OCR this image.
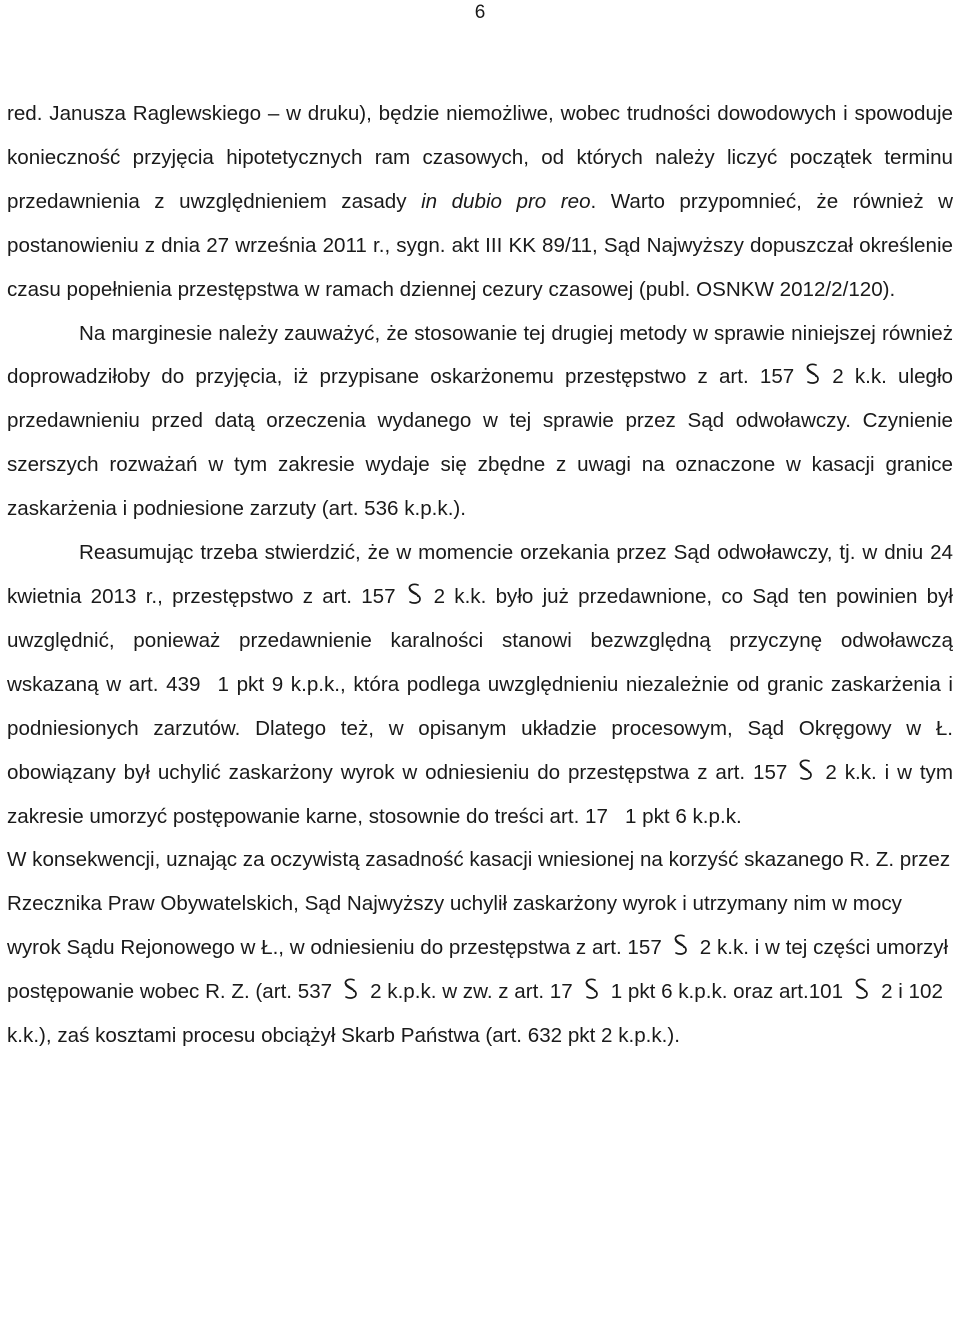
6

red. Janusza Raglewskiego – w druku), będzie niemożliwe, wobec trudności dowodowych i spowoduje konieczność przyjęcia hipotetycznych ram czasowych, od których należy liczyć początek terminu przedawnienia z uwzględnieniem zasady in dubio pro reo. Warto przypomnieć, że również w postanowieniu z dnia 27 września 2011 r., sygn. akt III KK 89/11, Sąd Najwyższy dopuszczał określenie czasu popełnienia przestępstwa w ramach dziennej cezury czasowej (publ. OSNKW 2012/2/120).

Na marginesie należy zauważyć, że stosowanie tej drugiej metody w sprawie niniejszej również doprowadziłoby do przyjęcia, iż przypisane oskarżonemu przestępstwo z art. 157 2 k.k. uległo przedawnieniu przed datą orzeczenia wydanego w tej sprawie przez Sąd odwoławczy. Czynienie szerszych rozważań w tym zakresie wydaje się zbędne z uwagi na oznaczone w kasacji granice zaskarżenia i podniesione zarzuty (art. 536 k.p.k.).

Reasumując trzeba stwierdzić, że w momencie orzekania przez Sąd odwoławczy, tj. w dniu 24 kwietnia 2013 r., przestępstwo z art. 157 2 k.k. było już przedawnione, co Sąd ten powinien był uwzględnić, ponieważ przedawnienie karalności stanowi bezwzględną przyczynę odwoławczą wskazaną w art. 439 1 pkt 9 k.p.k., która podlega uwzględnieniu niezależnie od granic zaskarżenia i podniesionych zarzutów. Dlatego też, w opisanym układzie procesowym, Sąd Okręgowy w Ł. obowiązany był uchylić zaskarżony wyrok w odniesieniu do przestępstwa z art. 157 2 k.k. i w tym zakresie umorzyć postępowanie karne, stosownie do treści art. 17 1 pkt 6 k.p.k.

W konsekwencji, uznając za oczywistą zasadność kasacji wniesionej na korzyść skazanego R. Z. przez Rzecznika Praw Obywatelskich, Sąd Najwyższy uchylił zaskarżony wyrok i utrzymany nim w mocy wyrok Sądu Rejonowego w Ł., w odniesieniu do przestępstwa z art. 157 2 k.k. i w tej części umorzył postępowanie wobec R. Z. (art. 537 2 k.p.k. w zw. z art. 17 1 pkt 6 k.p.k. oraz art.101 2 i 102 k.k.), zaś kosztami procesu obciążył Skarb Państwa (art. 632 pkt 2 k.p.k.).
